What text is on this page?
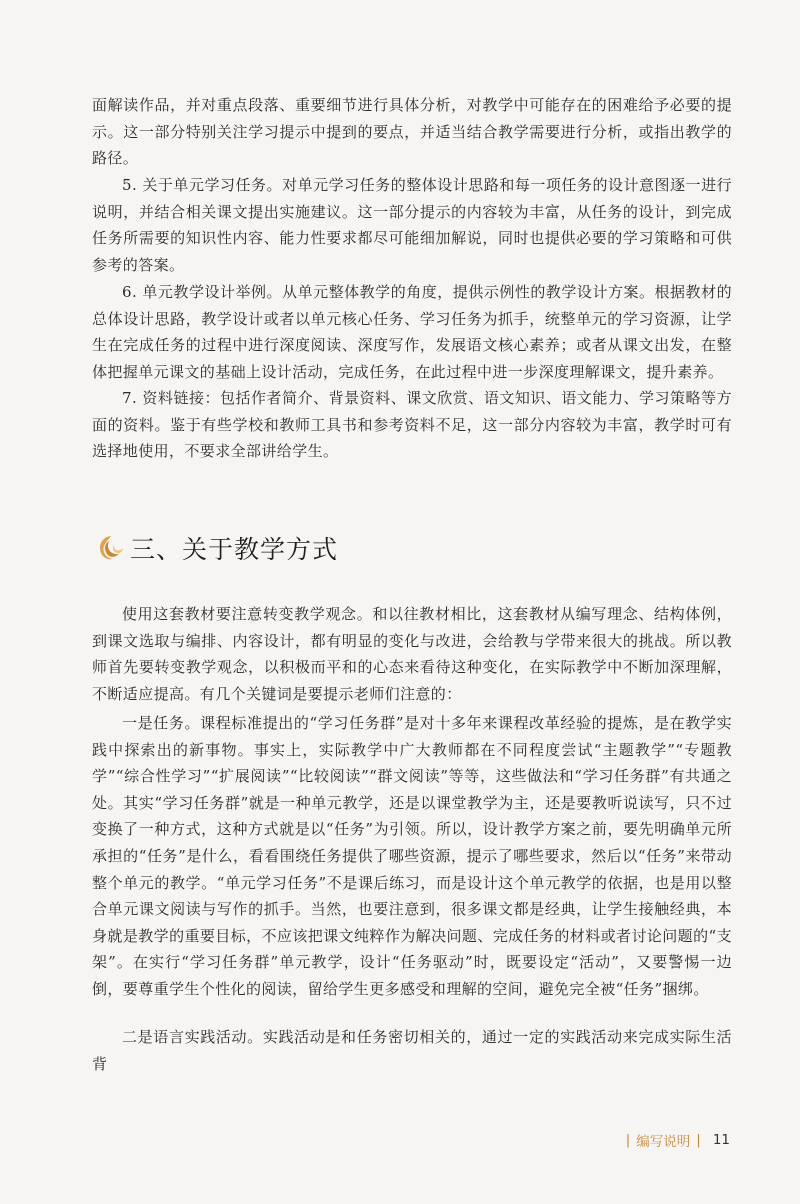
面解读作品，并对重点段落、重要细节进行具体分析，对教学中可能存在的困难给予必要的提示。这一部分特别关注学习提示中提到的要点，并适当结合教学需要进行分析，或指出教学的路径。

5. 关于单元学习任务。对单元学习任务的整体设计思路和每一项任务的设计意图逐一进行说明，并结合相关课文提出实施建议。这一部分提示的内容较为丰富，从任务的设计，到完成任务所需要的知识性内容、能力性要求都尽可能细加解说，同时也提供必要的学习策略和可供参考的答案。

6. 单元教学设计举例。从单元整体教学的角度，提供示例性的教学设计方案。根据教材的总体设计思路，教学设计或者以单元核心任务、学习任务为抓手，统整单元的学习资源，让学生在完成任务的过程中进行深度阅读、深度写作，发展语文核心素养；或者从课文出发，在整体把握单元课文的基础上设计活动，完成任务，在此过程中进一步深度理解课文，提升素养。

7. 资料链接：包括作者简介、背景资料、课文欣赏、语文知识、语文能力、学习策略等方面的资料。鉴于有些学校和教师工具书和参考资料不足，这一部分内容较为丰富，教学时可有选择地使用，不要求全部讲给学生。

三、关于教学方式

使用这套教材要注意转变教学观念。和以往教材相比，这套教材从编写理念、结构体例，到课文选取与编排、内容设计，都有明显的变化与改进，会给教与学带来很大的挑战。所以教师首先要转变教学观念，以积极而平和的心态来看待这种变化，在实际教学中不断加深理解，不断适应提高。有几个关键词是要提示老师们注意的：

一是任务。课程标准提出的“学习任务群”是对十多年来课程改革经验的提炼，是在教学实践中探索出的新事物。事实上，实际教学中广大教师都在不同程度尝试“主题教学”“专题教学”“综合性学习”“扩展阅读”“比较阅读”“群文阅读”等等，这些做法和“学习任务群”有共通之处。其实“学习任务群”就是一种单元教学，还是以课堂教学为主，还是要教听说读写，只不过变换了一种方式，这种方式就是以“任务”为引领。所以，设计教学方案之前，要先明确单元所承担的“任务”是什么，看看围绕任务提供了哪些资源，提示了哪些要求，然后以“任务”来带动整个单元的教学。“单元学习任务”不是课后练习，而是设计这个单元教学的依据，也是用以整合单元课文阅读与写作的抓手。当然，也要注意到，很多课文都是经典，让学生接触经典，本身就是教学的重要目标，不应该把课文纯粹作为解决问题、完成任务的材料或者讨论问题的“支架”。在实行“学习任务群”单元教学，设计“任务驱动”时，既要设定“活动”，又要警惕一边倒，要尊重学生个性化的阅读，留给学生更多感受和理解的空间，避免完全被“任务”捆绑。

二是语言实践活动。实践活动是和任务密切相关的，通过一定的实践活动来完成实际生活背

| 编写说明 | 11
